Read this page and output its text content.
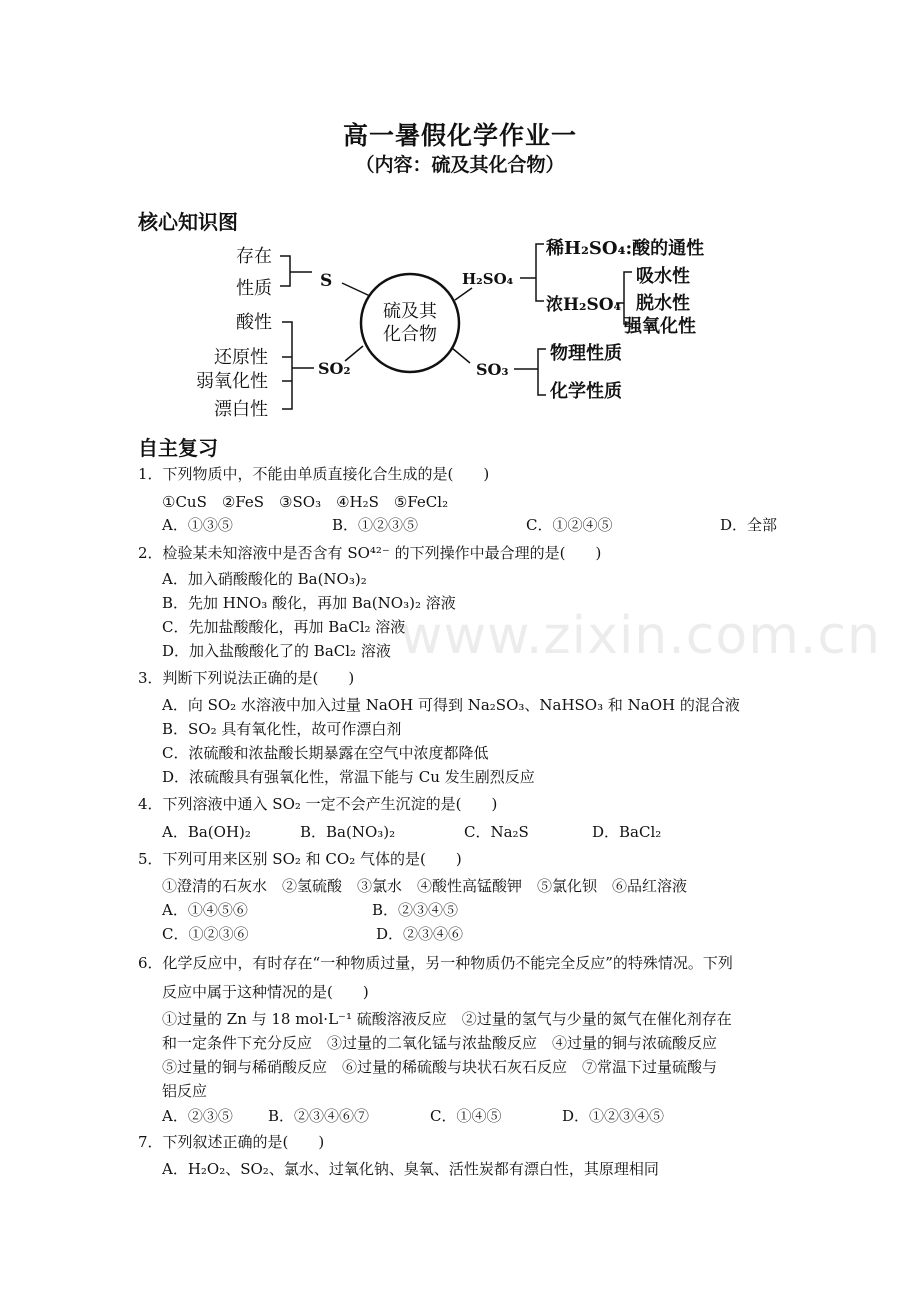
高一暑假化学作业一
（内容：硫及其化合物）
核心知识图
硫及其
化合物
存在
性质	S
酸性
还原性
弱氧化性
漂白性
SO₂
H₂SO₄
稀H₂SO₄:酸的通性
浓H₂SO₄
吸水性
脱水性
强氧化性
SO₃
物理性质
化学性质
自主复习
www.zixin.com.cn
1．下列物质中，不能由单质直接化合生成的是(　　)
①CuS　②FeS　③SO₃　④H₂S　⑤FeCl₂
A．①③⑤	B．①②③⑤	C．①②④⑤	D．全部
2．检验某未知溶液中是否含有 SO⁴²⁻ 的下列操作中最合理的是(　　)
A．加入硝酸酸化的 Ba(NO₃)₂
B．先加 HNO₃ 酸化，再加 Ba(NO₃)₂ 溶液
C．先加盐酸酸化，再加 BaCl₂ 溶液
D．加入盐酸酸化了的 BaCl₂ 溶液
3．判断下列说法正确的是(　　)
A．向 SO₂ 水溶液中加入过量 NaOH 可得到 Na₂SO₃、NaHSO₃ 和 NaOH 的混合液
B．SO₂ 具有氧化性，故可作漂白剂
C．浓硫酸和浓盐酸长期暴露在空气中浓度都降低
D．浓硫酸具有强氧化性，常温下能与 Cu 发生剧烈反应
4．下列溶液中通入 SO₂ 一定不会产生沉淀的是(　　)
A．Ba(OH)₂	B．Ba(NO₃)₂	C．Na₂S	D．BaCl₂
5．下列可用来区别 SO₂ 和 CO₂ 气体的是(　　)
①澄清的石灰水　②氢硫酸　③氯水　④酸性高锰酸钾　⑤氯化钡　⑥品红溶液
A．①④⑤⑥	B．②③④⑤
C．①②③⑥	D．②③④⑥
6．化学反应中，有时存在“一种物质过量，另一种物质仍不能完全反应”的特殊情况。下列
反应中属于这种情况的是(　　)
①过量的 Zn 与 18 mol·L⁻¹ 硫酸溶液反应　②过量的氢气与少量的氮气在催化剂存在
和一定条件下充分反应　③过量的二氧化锰与浓盐酸反应　④过量的铜与浓硫酸反应
⑤过量的铜与稀硝酸反应　⑥过量的稀硫酸与块状石灰石反应　⑦常温下过量硫酸与
铝反应
A．②③⑤ B．②③④⑥⑦	C．①④⑤	D．①②③④⑤
7．下列叙述正确的是(　　)
A．H₂O₂、SO₂、氯水、过氧化钠、臭氧、活性炭都有漂白性，其原理相同
